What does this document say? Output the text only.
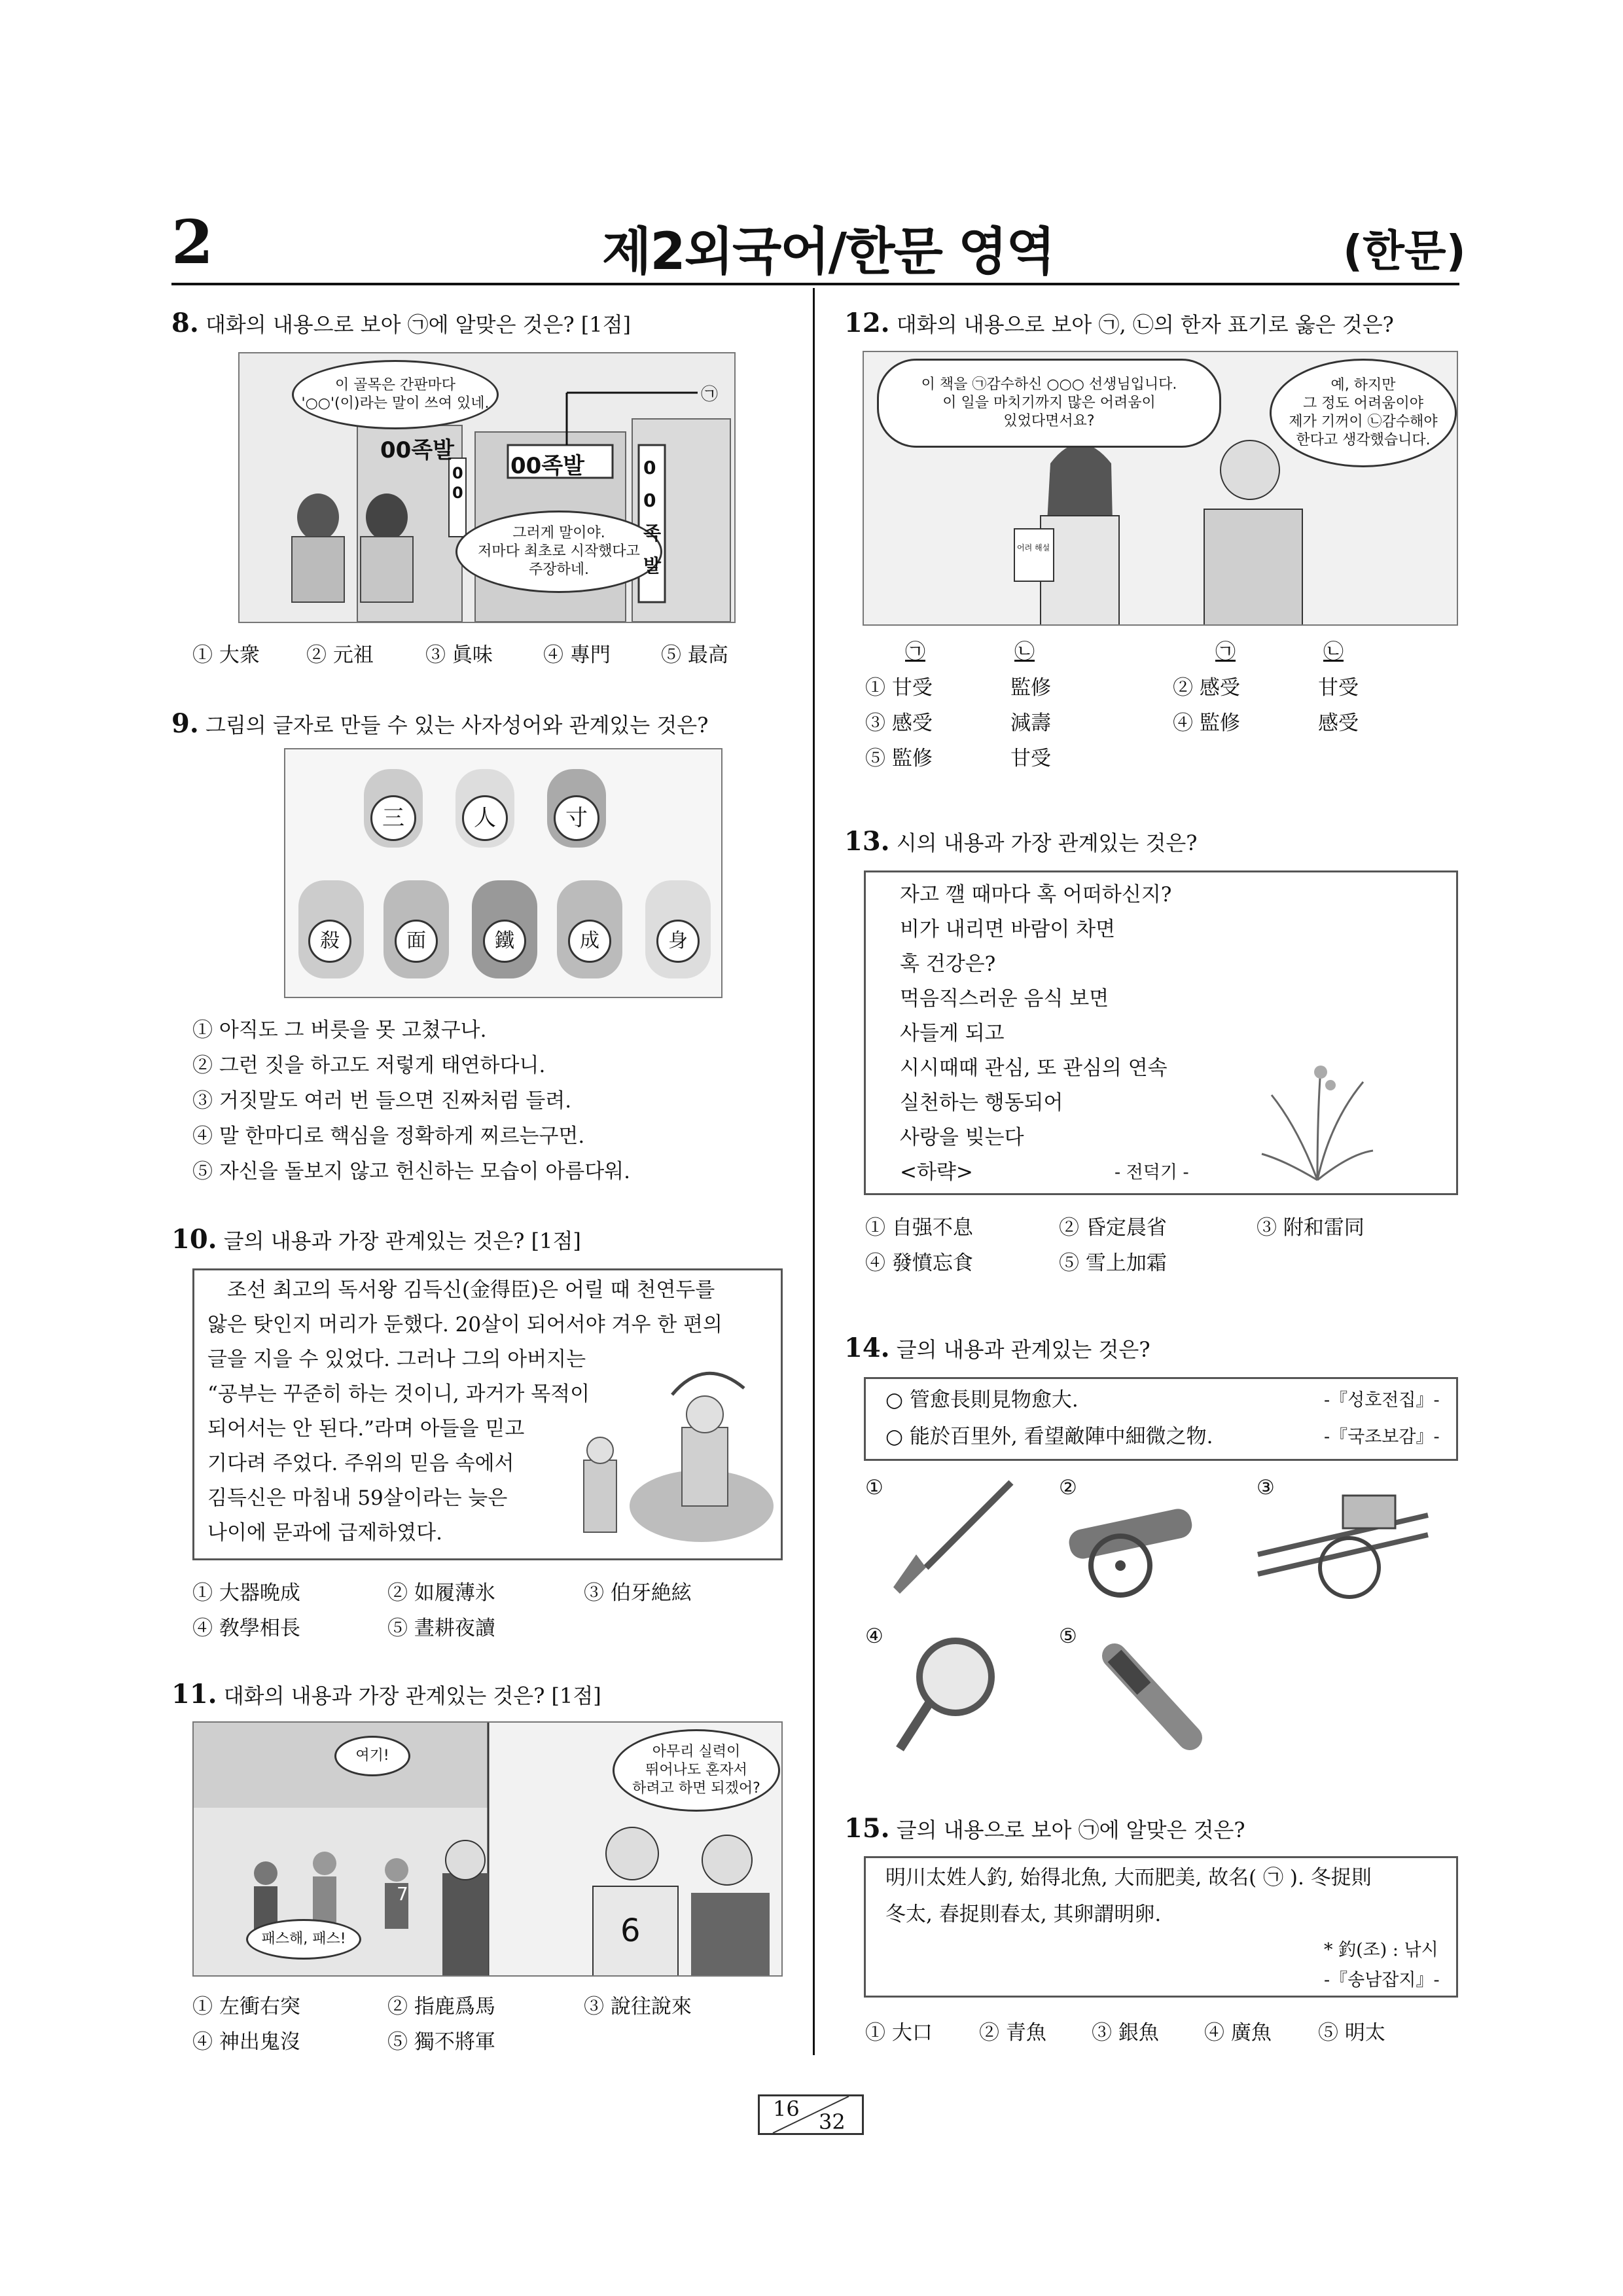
2	제2외국어/한문 영역	(한문)
8. 대화의 내용으로 보아 ㉠에 알맞은 것은? [1점]
이 골목은 간판마다
'○○'(이)라는 말이 쓰여 있네.
그러게 말이야.
저마다 최초로 시작했다고
주장하네.
00족발
00족발
0
0
0
0
족
발
㉠
① 大衆 ② 元祖	③ 眞味 ④ 專門 ⑤ 最高
9. 그림의 글자로 만들 수 있는 사자성어와 관계있는 것은?
三	人	寸
殺	面	鐵	成	身
① 아직도 그 버릇을 못 고쳤구나.
② 그런 짓을 하고도 저렇게 태연하다니.
③ 거짓말도 여러 번 들으면 진짜처럼 들려.
④ 말 한마디로 핵심을 정확하게 찌르는구먼.
⑤ 자신을 돌보지 않고 헌신하는 모습이 아름다워.
10. 글의 내용과 가장 관계있는 것은? [1점]
조선 최고의 독서왕 김득신(金得臣)은 어릴 때 천연두를
앓은 탓인지 머리가 둔했다. 20살이 되어서야 겨우 한 편의
글을 지을 수 있었다. 그러나 그의 아버지는
“공부는 꾸준히 하는 것이니, 과거가 목적이
되어서는 안 된다.”라며 아들을 믿고
기다려 주었다. 주위의 믿음 속에서
김득신은 마침내 59살이라는 늦은
나이에 문과에 급제하였다.
① 大器晩成	② 如履薄氷	③ 伯牙絶絃
④ 敎學相長	⑤ 晝耕夜讀
11. 대화의 내용과 가장 관계있는 것은? [1점]
여기!
패스해, 패스!
아무리 실력이
뛰어나도 혼자서
하려고 하면 되겠어?
6
7
① 左衝右突	② 指鹿爲馬	③ 說往說來
④ 神出鬼沒	⑤ 獨不將軍
12. 대화의 내용으로 보아 ㉠, ㉡의 한자 표기로 옳은 것은?
이 책을 ㉠감수하신 ○○○ 선생님입니다.
이 일을 마치기까지 많은 어려움이
있었다면서요?
예, 하지만
그 정도 어려움이야
제가 기꺼이 ㉡감수해야
한다고 생각했습니다.
어려 해설
㉠	㉡	㉠	㉡
① 甘受	監修	② 感受	甘受
③ 感受	減壽	④ 監修	感受
⑤ 監修	甘受
13. 시의 내용과 가장 관계있는 것은?
자고 깰 때마다 혹 어떠하신지?
비가 내리면 바람이 차면
혹 건강은?
먹음직스러운 음식 보면
사들게 되고
시시때때 관심, 또 관심의 연속
실천하는 행동되어
사랑을 빚는다
<하략>	- 전덕기 -
① 自强不息	② 昏定晨省	③ 附和雷同
④ 發憤忘食	⑤ 雪上加霜
14. 글의 내용과 관계있는 것은?
○ 管愈長則見物愈大.	-『성호전집』-
○ 能於百里外, 看望敵陣中細微之物.	-『국조보감』-
①	②	③
④	⑤
15. 글의 내용으로 보아 ㉠에 알맞은 것은?
明川太姓人釣, 始得北魚, 大而肥美, 故名( ㉠ ). 冬捉則
冬太, 春捉則春太, 其卵謂明卵.
* 釣(조) : 낚시
-『송남잡지』-
① 大口 ② 青魚 ③ 銀魚 ④ 廣魚 ⑤ 明太
16
32
